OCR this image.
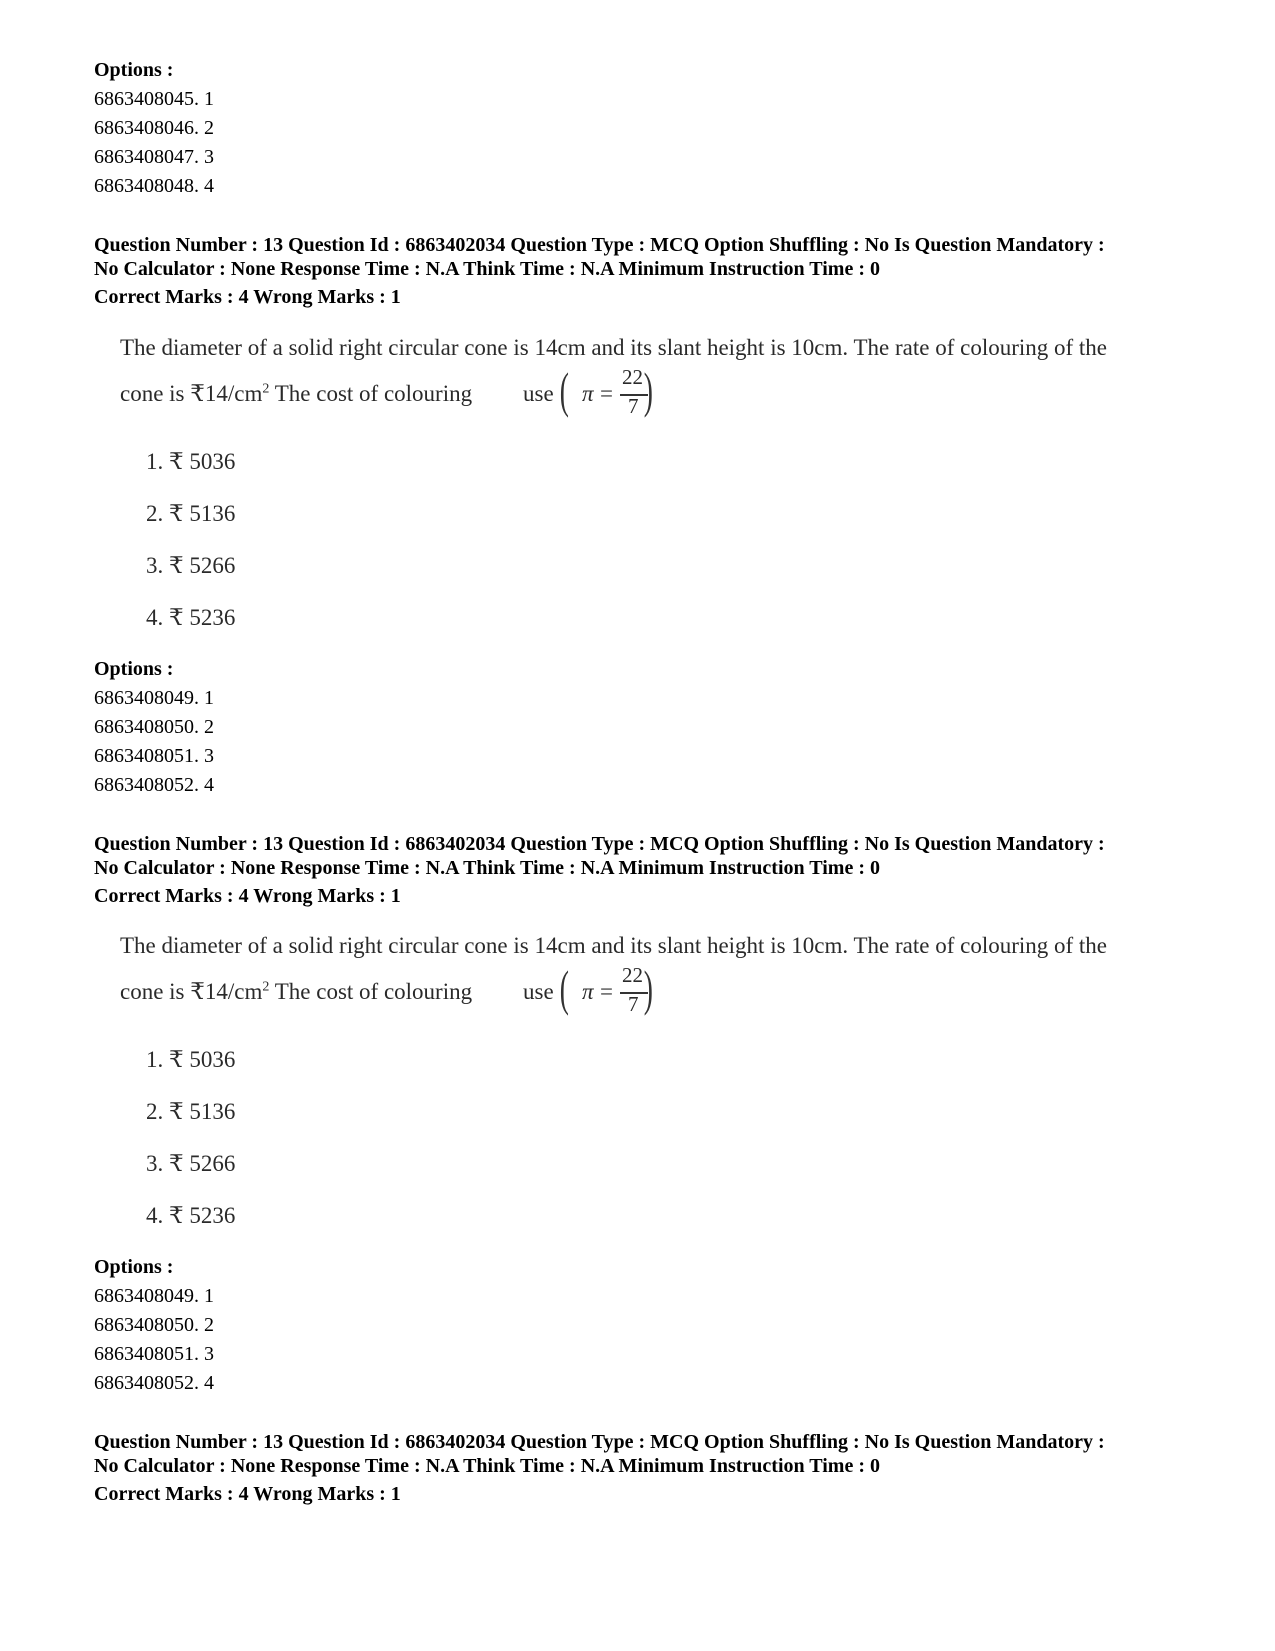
Options :
6863408045. 1
6863408046. 2
6863408047. 3
6863408048. 4
Question Number : 13 Question Id : 6863402034 Question Type : MCQ Option Shuffling : No Is Question Mandatory :
No Calculator : None Response Time : N.A Think Time : N.A Minimum Instruction Time : 0
Correct Marks : 4 Wrong Marks : 1
The diameter of a solid right circular cone is 14cm and its slant height is 10cm. The rate of colouring of the
cone is $₹14/cm^2$ The cost of colouring use ( π =
22
7 )
1. ₹ 5036
2. ₹ 5136
3. ₹ 5266
4. ₹ 5236
Options :
6863408049. 1
6863408050. 2
6863408051. 3
6863408052. 4
Question Number : 13 Question Id : 6863402034 Question Type : MCQ Option Shuffling : No Is Question Mandatory :
No Calculator : None Response Time : N.A Think Time : N.A Minimum Instruction Time : 0
Correct Marks : 4 Wrong Marks : 1
The diameter of a solid right circular cone is 14cm and its slant height is 10cm. The rate of colouring of the
cone is $₹14/cm^2$ The cost of colouring use ( π =
22
7 )
1. ₹ 5036
2. ₹ 5136
3. ₹ 5266
4. ₹ 5236
Options :
6863408049. 1
6863408050. 2
6863408051. 3
6863408052. 4
Question Number : 13 Question Id : 6863402034 Question Type : MCQ Option Shuffling : No Is Question Mandatory :
No Calculator : None Response Time : N.A Think Time : N.A Minimum Instruction Time : 0
Correct Marks : 4 Wrong Marks : 1
